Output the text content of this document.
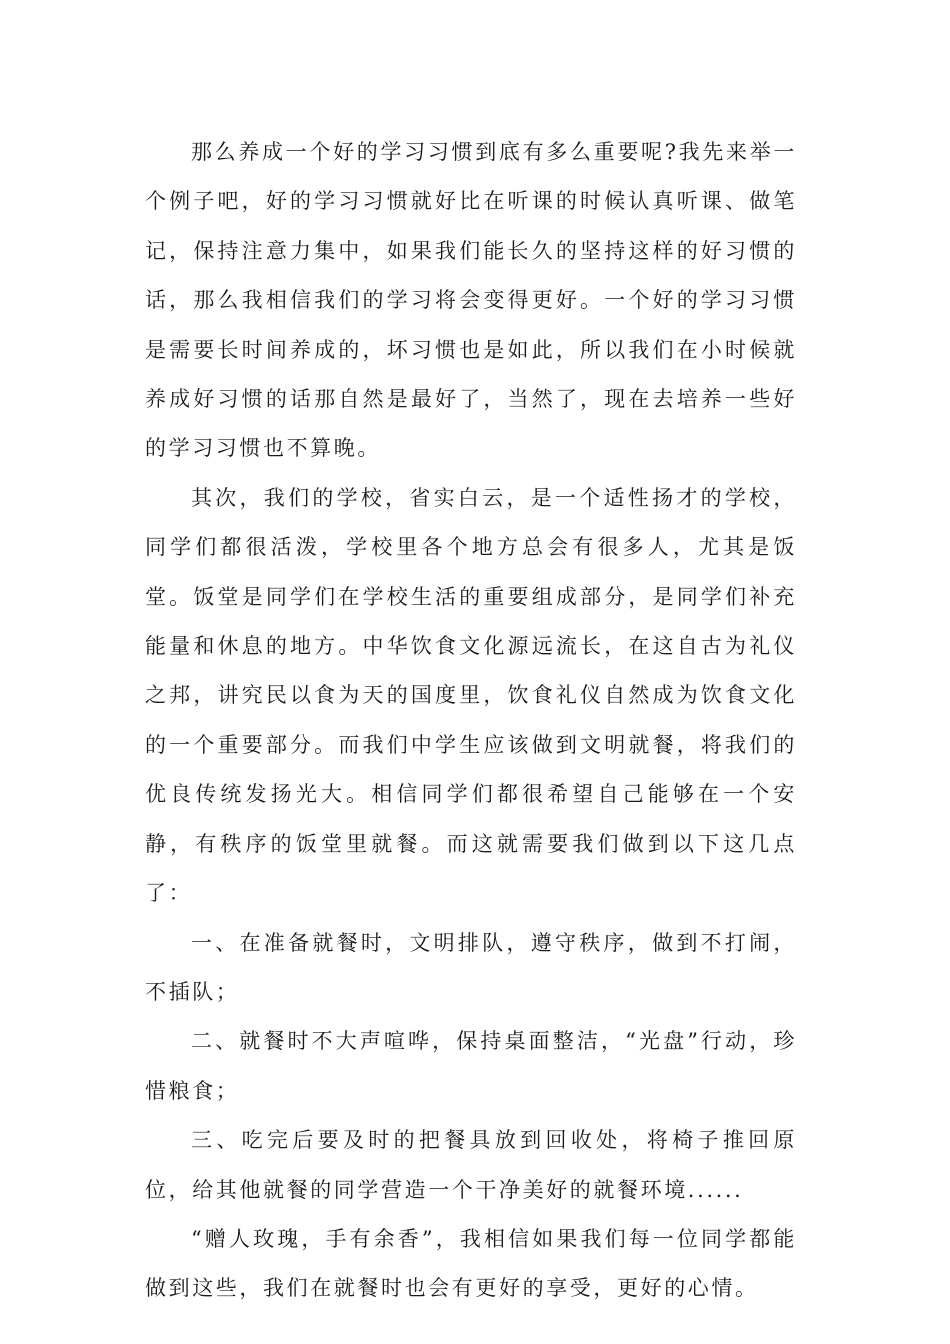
那么养成一个好的学习习惯到底有多么重要呢?我先来举一个例子吧，好的学习习惯就好比在听课的时候认真听课、做笔记，保持注意力集中，如果我们能长久的坚持这样的好习惯的话，那么我相信我们的学习将会变得更好。一个好的学习习惯是需要长时间养成的，坏习惯也是如此，所以我们在小时候就养成好习惯的话那自然是最好了，当然了，现在去培养一些好的学习习惯也不算晚。

其次，我们的学校，省实白云，是一个适性扬才的学校，同学们都很活泼，学校里各个地方总会有很多人，尤其是饭堂。饭堂是同学们在学校生活的重要组成部分，是同学们补充能量和休息的地方。中华饮食文化源远流长，在这自古为礼仪之邦，讲究民以食为天的国度里，饮食礼仪自然成为饮食文化的一个重要部分。而我们中学生应该做到文明就餐，将我们的优良传统发扬光大。相信同学们都很希望自己能够在一个安静，有秩序的饭堂里就餐。而这就需要我们做到以下这几点了：

一、在准备就餐时，文明排队，遵守秩序，做到不打闹，不插队；

二、就餐时不大声喧哗，保持桌面整洁，“光盘”行动，珍惜粮食；

三、吃完后要及时的把餐具放到回收处，将椅子推回原位，给其他就餐的同学营造一个干净美好的就餐环境......

“赠人玫瑰，手有余香”，我相信如果我们每一位同学都能做到这些，我们在就餐时也会有更好的享受，更好的心情。
